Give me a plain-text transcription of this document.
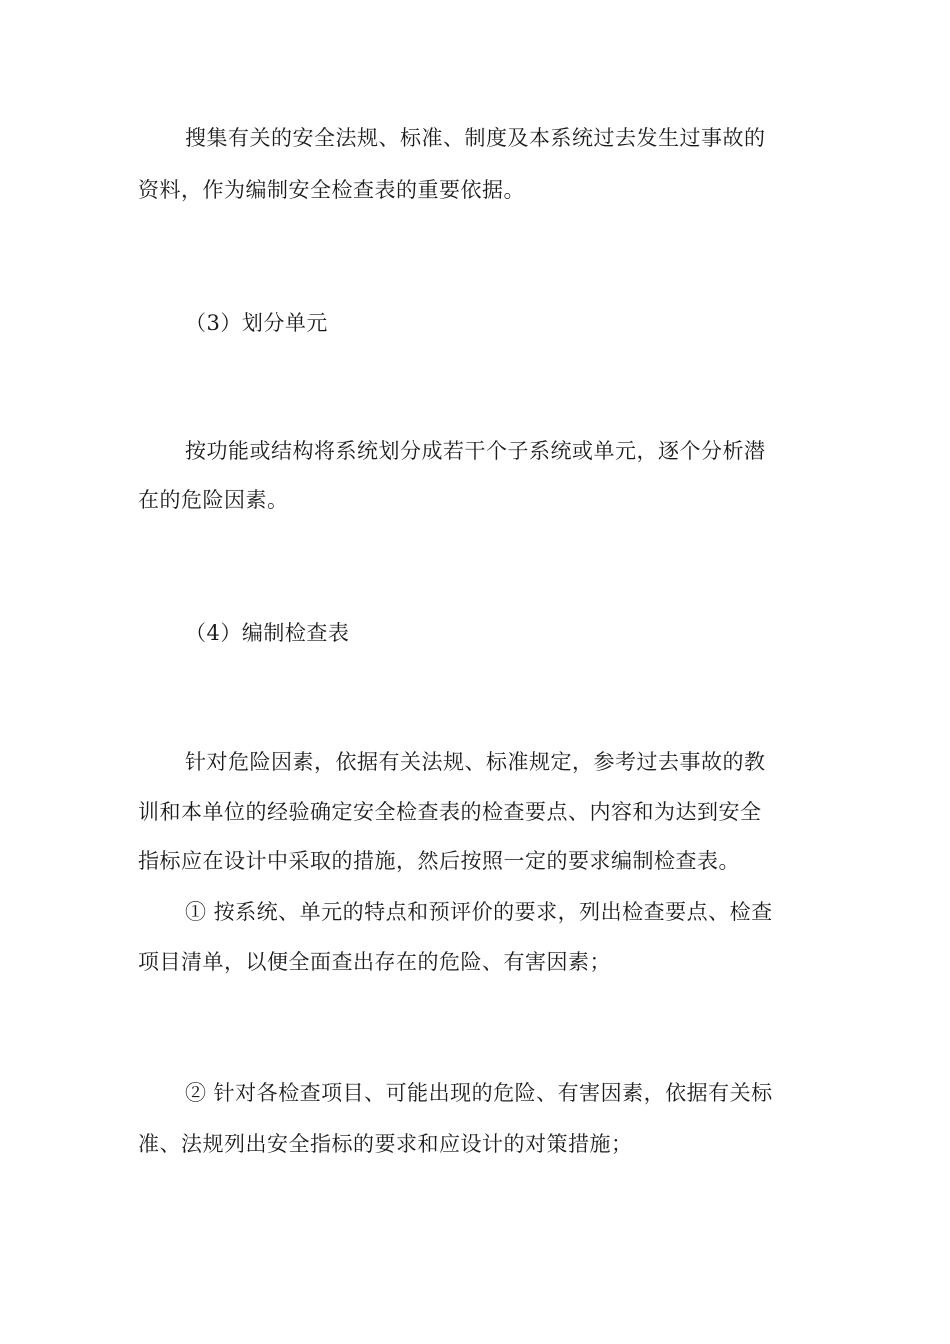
搜集有关的安全法规、标准、制度及本系统过去发生过事故的
资料，作为编制安全检查表的重要依据。
（3）划分单元
按功能或结构将系统划分成若干个子系统或单元，逐个分析潜
在的危险因素。
（4）编制检查表
针对危险因素，依据有关法规、标准规定，参考过去事故的教
训和本单位的经验确定安全检查表的检查要点、内容和为达到安全
指标应在设计中采取的措施，然后按照一定的要求编制检查表。
① 按系统、单元的特点和预评价的要求，列出检查要点、检查
项目清单，以便全面查出存在的危险、有害因素；
② 针对各检查项目、可能出现的危险、有害因素，依据有关标
准、法规列出安全指标的要求和应设计的对策措施；
